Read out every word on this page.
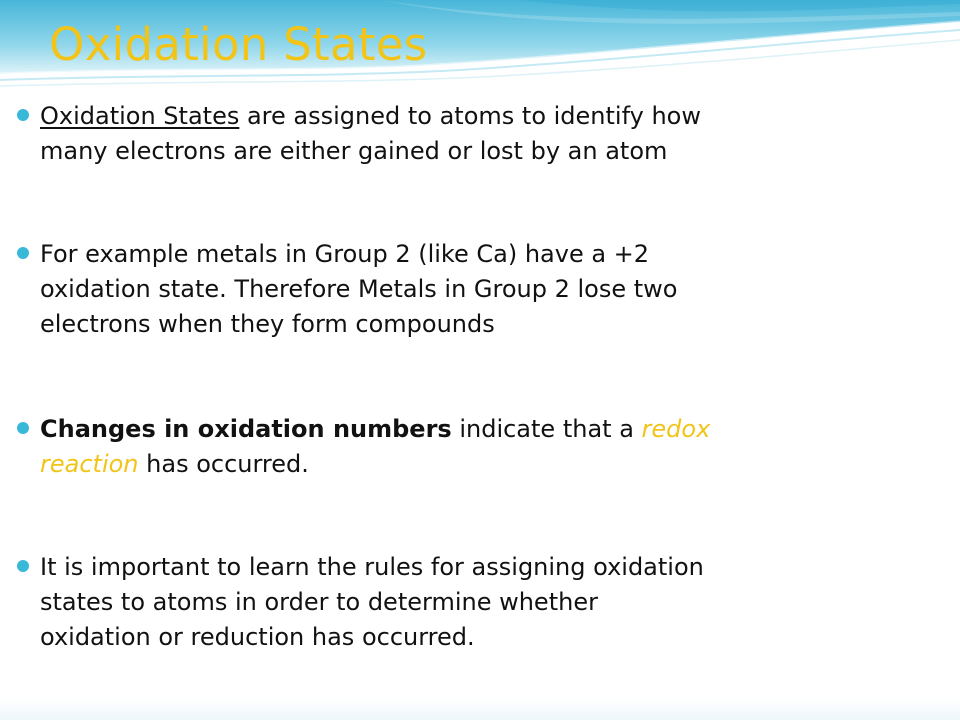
Oxidation States

Oxidation States are assigned to atoms to identify how
many electrons are either gained or lost by an atom

For example metals in Group 2 (like Ca) have a +2
oxidation state. Therefore Metals in Group 2 lose two
electrons when they form compounds

Changes in oxidation numbers indicate that a redox
reaction has occurred.

It is important to learn the rules for assigning oxidation
states to atoms in order to determine whether
oxidation or reduction has occurred.
